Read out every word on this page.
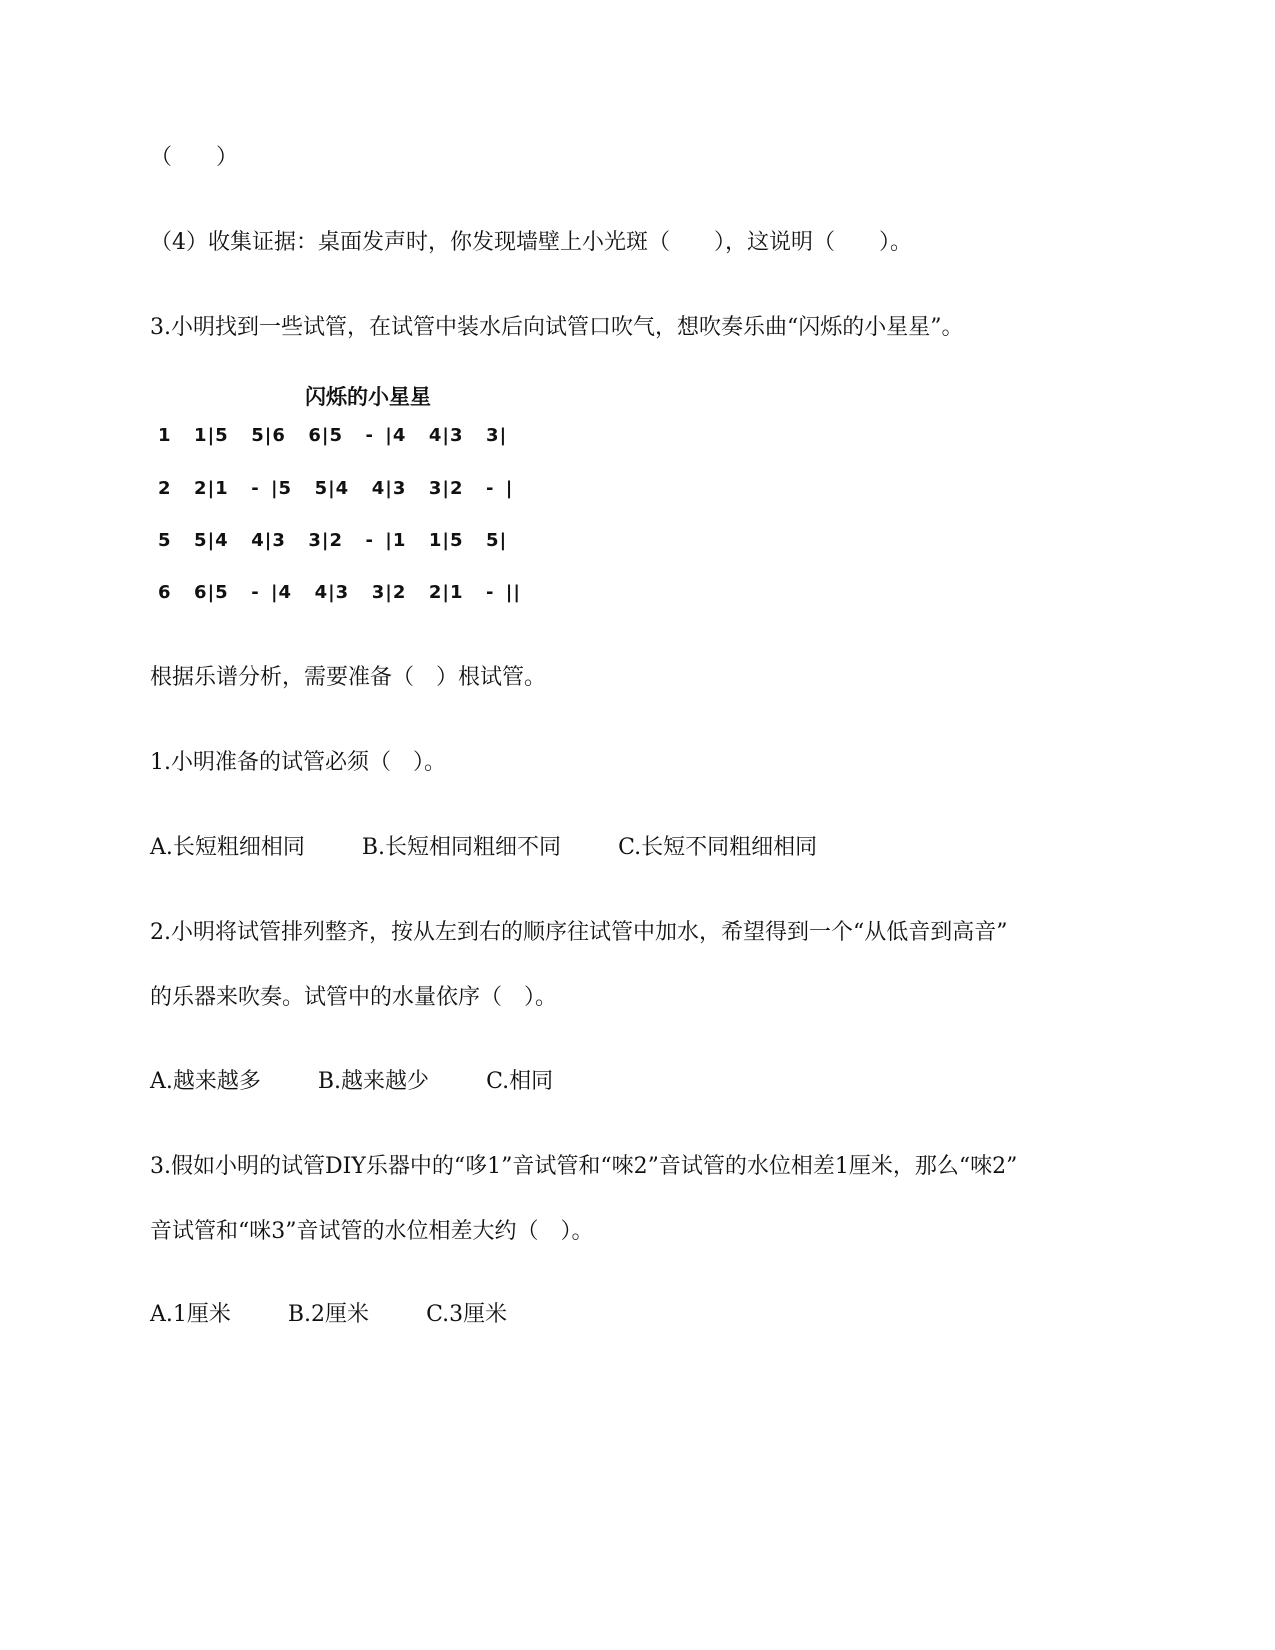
（　　）
（4）收集证据：桌面发声时，你发现墙壁上小光斑（　　），这说明（　　）。
3.小明找到一些试管，在试管中装水后向试管口吹气，想吹奏乐曲“闪烁的小星星”。
闪烁的小星星
1  1|5  5|6  6|5  - |4  4|3  3|
2  2|1  - |5  5|4  4|3  3|2  - |
5  5|4  4|3  3|2  - |1  1|5  5|
6  6|5  - |4  4|3  3|2  2|1  - ||
根据乐谱分析，需要准备（　）根试管。
1.小明准备的试管必须（　）。
A.长短粗细相同	B.长短相同粗细不同	C.长短不同粗细相同
2.小明将试管排列整齐，按从左到右的顺序往试管中加水，希望得到一个“从低音到高音”
的乐器来吹奏。试管中的水量依序（　）。
A.越来越多	B.越来越少	C.相同
3.假如小明的试管DIY乐器中的“哆1”音试管和“唻2”音试管的水位相差1厘米，那么“唻2”
音试管和“咪3”音试管的水位相差大约（　）。
A.1厘米	B.2厘米	C.3厘米
